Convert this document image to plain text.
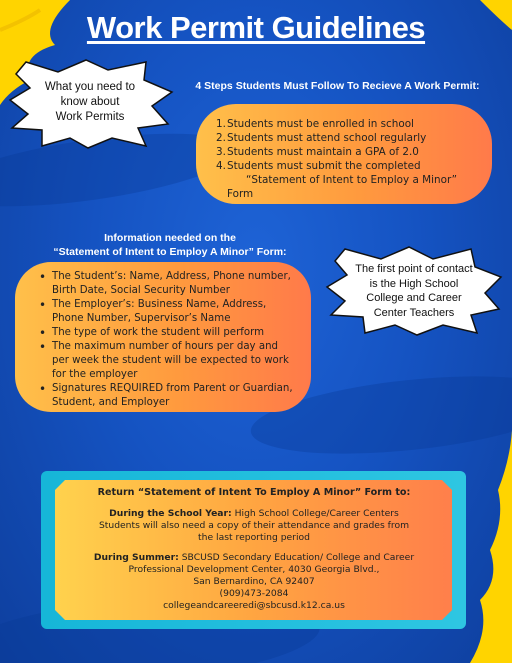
Work Permit Guidelines
What you need to
know about
Work Permits
4 Steps Students Must Follow To Recieve A Work Permit:
1. Students must be enrolled in school
2. Students must attend school regularly
3. Students must maintain a GPA of 2.0
4. Students must submit the completed
“Statement of Intent to Employ a Minor” Form
Information needed on the
“Statement of Intent to Employ A Minor” Form:
• The Student’s: Name, Address, Phone number, Birth Date, Social Security Number
• The Employer’s: Business Name, Address, Phone Number, Supervisor’s Name
• The type of work the student will perform
• The maximum number of hours per day and per week the student will be expected to work for the employer
• Signatures REQUIRED from Parent or Guardian, Student, and Employer
The first point of contact
is the High School
College and Career
Center Teachers
Return “Statement of Intent To Employ A Minor” Form to:
During the School Year: High School College/Career Centers
Students will also need a copy of their attendance and grades from
the last reporting period
During Summer: SBCUSD Secondary Education/ College and Career
Professional Development Center, 4030 Georgia Blvd.,
San Bernardino, CA 92407
(909)473-2084
collegeandcareeredi@sbcusd.k12.ca.us
